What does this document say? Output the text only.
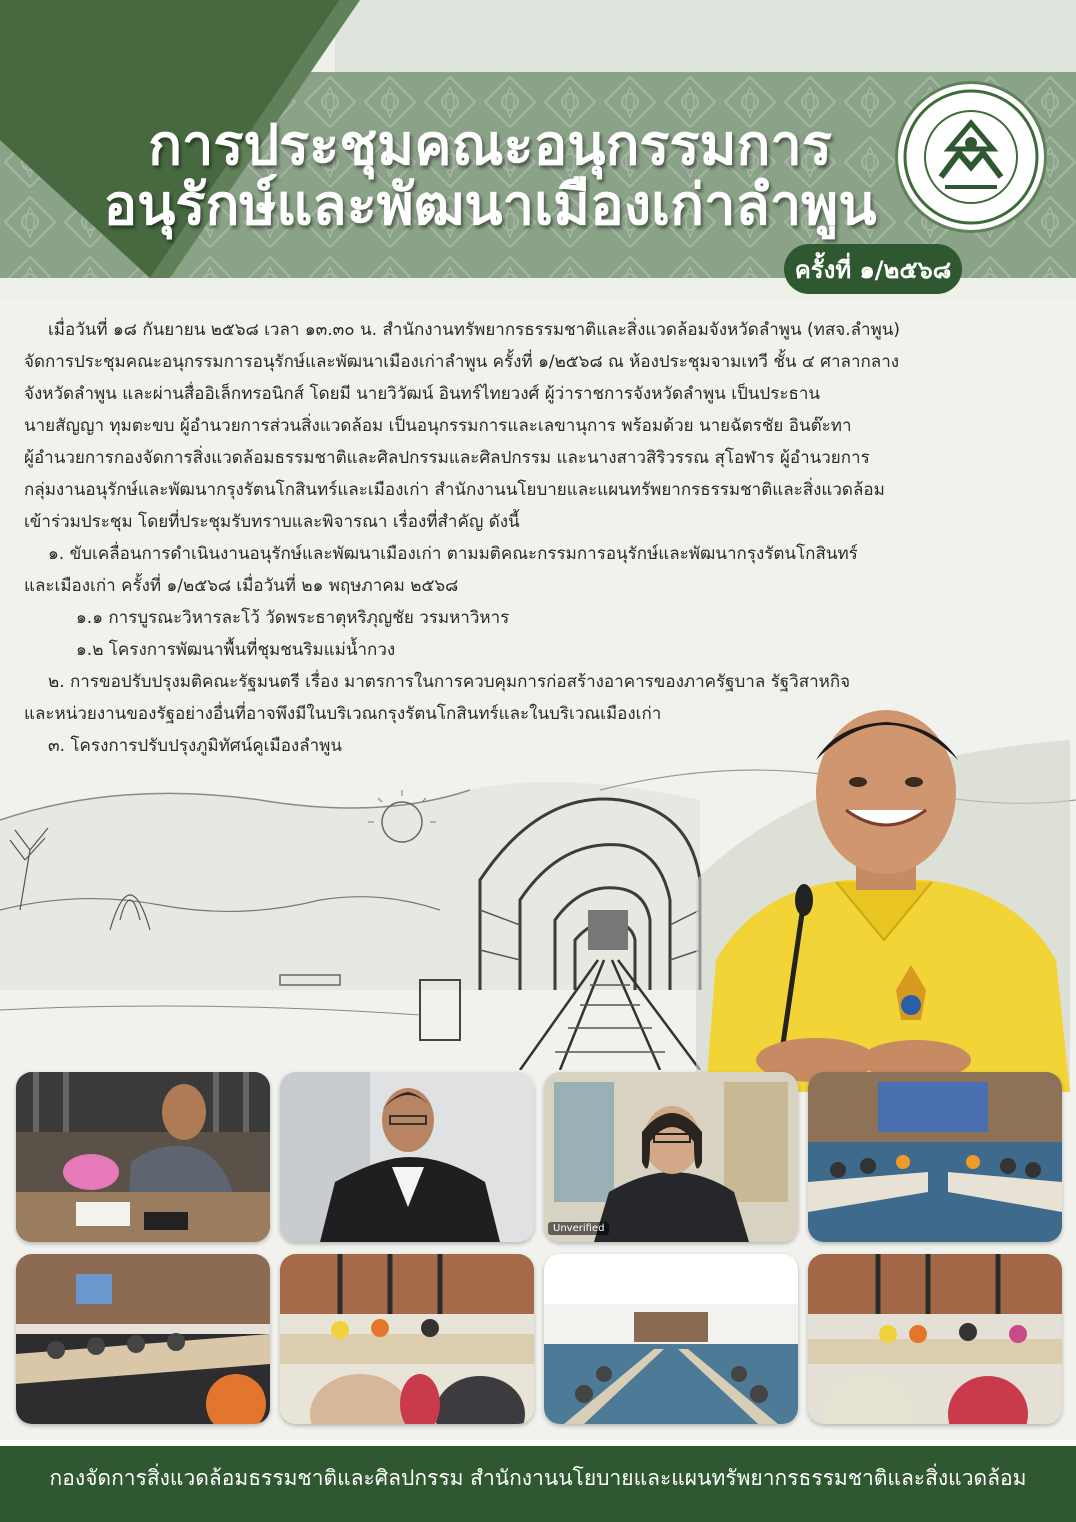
การประชุมคณะอนุกรรมการ
อนุรักษ์และพัฒนาเมืองเก่าลำพูน
ครั้งที่ ๑/๒๕๖๘
เมื่อวันที่ ๑๘ กันยายน ๒๕๖๘ เวลา ๑๓.๓๐ น. สำนักงานทรัพยากรธรรมชาติและสิ่งแวดล้อมจังหวัดลำพูน (ทสจ.ลำพูน)
จัดการประชุมคณะอนุกรรมการอนุรักษ์และพัฒนาเมืองเก่าลำพูน ครั้งที่ ๑/๒๕๖๘ ณ ห้องประชุมจามเทวี ชั้น ๔ ศาลากลาง
จังหวัดลำพูน และผ่านสื่ออิเล็กทรอนิกส์ โดยมี นายวิวัฒน์ อินทร์ไทยวงศ์ ผู้ว่าราชการจังหวัดลำพูน เป็นประธาน
นายสัญญา ทุมตะขบ ผู้อำนวยการส่วนสิ่งแวดล้อม เป็นอนุกรรมการและเลขานุการ พร้อมด้วย นายฉัตรชัย อินต๊ะทา
ผู้อำนวยการกองจัดการสิ่งแวดล้อมธรรมชาติและศิลปกรรมและศิลปกรรม และนางสาวสิริวรรณ สุโอฬาร ผู้อำนวยการ
กลุ่มงานอนุรักษ์และพัฒนากรุงรัตนโกสินทร์และเมืองเก่า สำนักงานนโยบายและแผนทรัพยากรธรรมชาติและสิ่งแวดล้อม
เข้าร่วมประชุม โดยที่ประชุมรับทราบและพิจารณา เรื่องที่สำคัญ ดังนี้
๑. ขับเคลื่อนการดำเนินงานอนุรักษ์และพัฒนาเมืองเก่า ตามมติคณะกรรมการอนุรักษ์และพัฒนากรุงรัตนโกสินทร์
และเมืองเก่า ครั้งที่ ๑/๒๕๖๘ เมื่อวันที่ ๒๑ พฤษภาคม ๒๕๖๘
๑.๑ การบูรณะวิหารละโว้ วัดพระธาตุหริภุญชัย วรมหาวิหาร
๑.๒ โครงการพัฒนาพื้นที่ชุมชนริมแม่น้ำกวง
๒. การขอปรับปรุงมติคณะรัฐมนตรี เรื่อง มาตรการในการควบคุมการก่อสร้างอาคารของภาครัฐบาล รัฐวิสาหกิจ
และหน่วยงานของรัฐอย่างอื่นที่อาจพึงมีในบริเวณกรุงรัตนโกสินทร์และในบริเวณเมืองเก่า
๓. โครงการปรับปรุงภูมิทัศน์คูเมืองลำพูน
Unverified
กองจัดการสิ่งแวดล้อมธรรมชาติและศิลปกรรม สำนักงานนโยบายและแผนทรัพยากรธรรมชาติและสิ่งแวดล้อม
